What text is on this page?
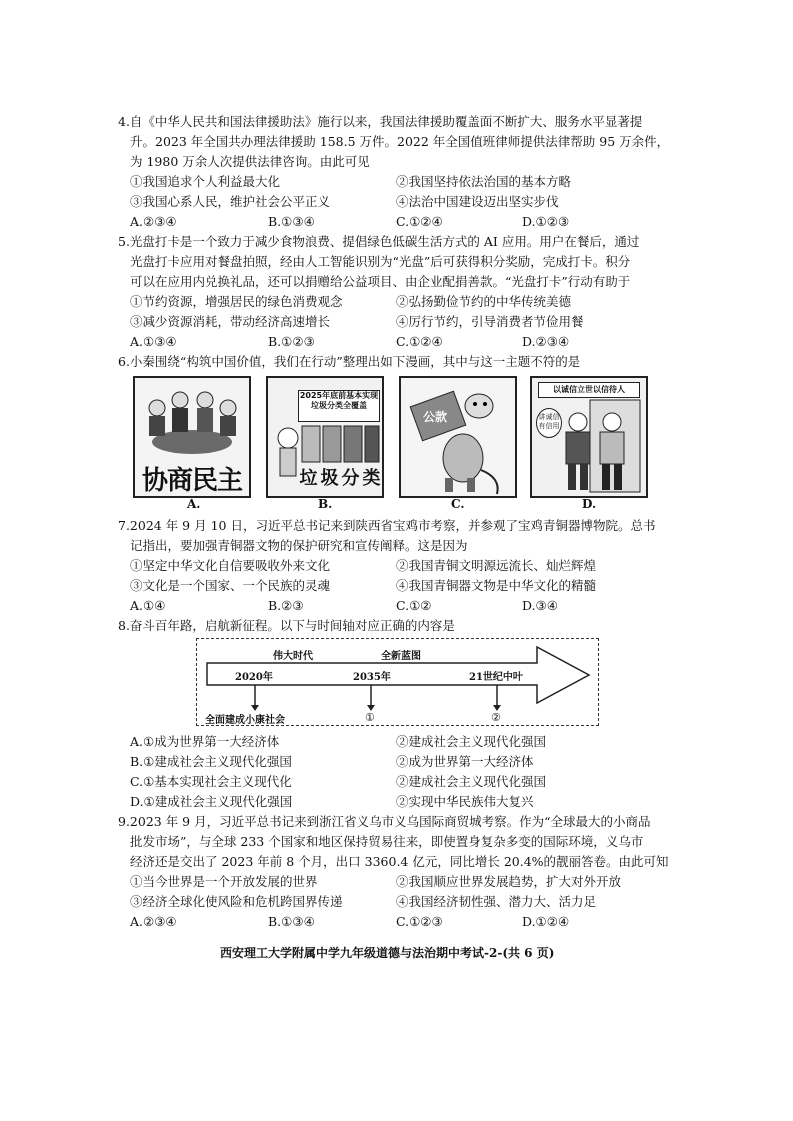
4.自《中华人民共和国法律援助法》施行以来，我国法律援助覆盖面不断扩大、服务水平显著提
升。2023 年全国共办理法律援助 158.5 万件。2022 年全国值班律师提供法律帮助 95 万余件，
为 1980 万余人次提供法律咨询。由此可见
①我国追求个人利益最大化	②我国坚持依法治国的基本方略
③我国心系人民，维护社会公平正义	④法治中国建设迈出坚实步伐
A.②③④	B.①③④	C.①②④	D.①②③
5.光盘打卡是一个致力于减少食物浪费、提倡绿色低碳生活方式的 AI 应用。用户在餐后，通过
光盘打卡应用对餐盘拍照，经由人工智能识别为“光盘”后可获得积分奖励，完成打卡。积分
可以在应用内兑换礼品，还可以捐赠给公益项目、由企业配捐善款。“光盘打卡”行动有助于
①节约资源，增强居民的绿色消费观念	②弘扬勤俭节约的中华传统美德
③减少资源消耗，带动经济高速增长	④厉行节约，引导消费者节俭用餐
A.①③④	B.①②③	C.①②④	D.②③④
6.小秦围绕“构筑中国价值，我们在行动”整理出如下漫画，其中与这一主题不符的是
协商民主
2025年底前基本实现垃圾分类全覆盖
垃 圾 分 类
公款
以诚信立世以信待人
讲诚信有信用
A.	B.	C.	D.
7.2024 年 9 月 10 日，习近平总书记来到陕西省宝鸡市考察，并参观了宝鸡青铜器博物院。总书
记指出，要加强青铜器文物的保护研究和宣传阐释。这是因为
①坚定中华文化自信要吸收外来文化	②我国青铜文明源远流长、灿烂辉煌
③文化是一个国家、一个民族的灵魂	④我国青铜器文物是中华文化的精髓
A.①④	B.②③	C.①②	D.③④
8.奋斗百年路，启航新征程。以下与时间轴对应正确的内容是
伟大时代	全新蓝图
2020年	2035年	21世纪中叶
全面建成小康社会	①	②
A.①成为世界第一大经济体	②建成社会主义现代化强国
B.①建成社会主义现代化强国	②成为世界第一大经济体
C.①基本实现社会主义现代化	②建成社会主义现代化强国
D.①建成社会主义现代化强国	②实现中华民族伟大复兴
9.2023 年 9 月，习近平总书记来到浙江省义乌市义乌国际商贸城考察。作为“全球最大的小商品
批发市场”，与全球 233 个国家和地区保持贸易往来，即使置身复杂多变的国际环境，义乌市
经济还是交出了 2023 年前 8 个月，出口 3360.4 亿元，同比增长 20.4%的靓丽答卷。由此可知
①当今世界是一个开放发展的世界	②我国顺应世界发展趋势，扩大对外开放
③经济全球化使风险和危机跨国界传递	④我国经济韧性强、潜力大、活力足
A.②③④	B.①③④	C.①②③	D.①②④
西安理工大学附属中学九年级道德与法治期中考试-2-(共 6 页)
